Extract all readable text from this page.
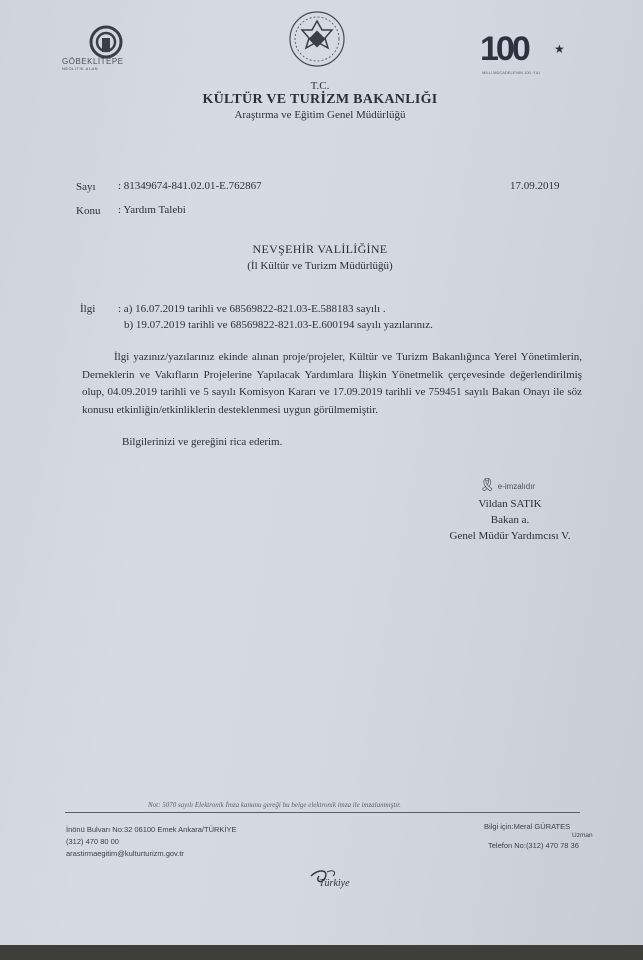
GÖBEKLİTEPE
NEOLITIK ALAN
100 ★
MİLLİ MÜCADELE'NİN 100. YILI
T.C.
KÜLTÜR VE TURİZM BAKANLIĞI
Araştırma ve Eğitim Genel Müdürlüğü
Sayı : 81349674-841.02.01-E.762867	17.09.2019
Konu : Yardım Talebi
NEVŞEHİR VALİLİĞİNE
(İl Kültür ve Turizm Müdürlüğü)
İlgi : a) 16.07.2019 tarihli ve 68569822-821.03-E.588183 sayılı .
b) 19.07.2019 tarihli ve 68569822-821.03-E.600194 sayılı yazılarınız.
İlgi yazınız/yazılarınız ekinde alınan proje/projeler, Kültür ve Turizm Bakanlığınca Yerel Yönetimlerin, Derneklerin ve Vakıfların Projelerine Yapılacak Yardımlara İlişkin Yönetmelik çerçevesinde değerlendirilmiş olup, 04.09.2019 tarihli ve 5 sayılı Komisyon Kararı ve 17.09.2019 tarihli ve 759451 sayılı Bakan Onayı ile söz konusu etkinliğin/etkinliklerin desteklenmesi uygun görülmemiştir.
Bilgilerinizi ve gereğini rica ederim.
🎗 e-imzalıdır
Vildan SATIK
Bakan a.
Genel Müdür Yardımcısı V.
Not: 5070 sayılı Elektronik İmza kanunu gereği bu belge elektronik imza ile imzalanmıştır.
İnönü Bulvarı No:32 06100 Emek Ankara/TÜRKİYE
(312) 470 80 00
arastirmaegitim@kulturturizm.gov.tr
Bilgi için:Meral GÜRATES
Uzman
Telefon No:(312) 470 78 36
Türkiye
